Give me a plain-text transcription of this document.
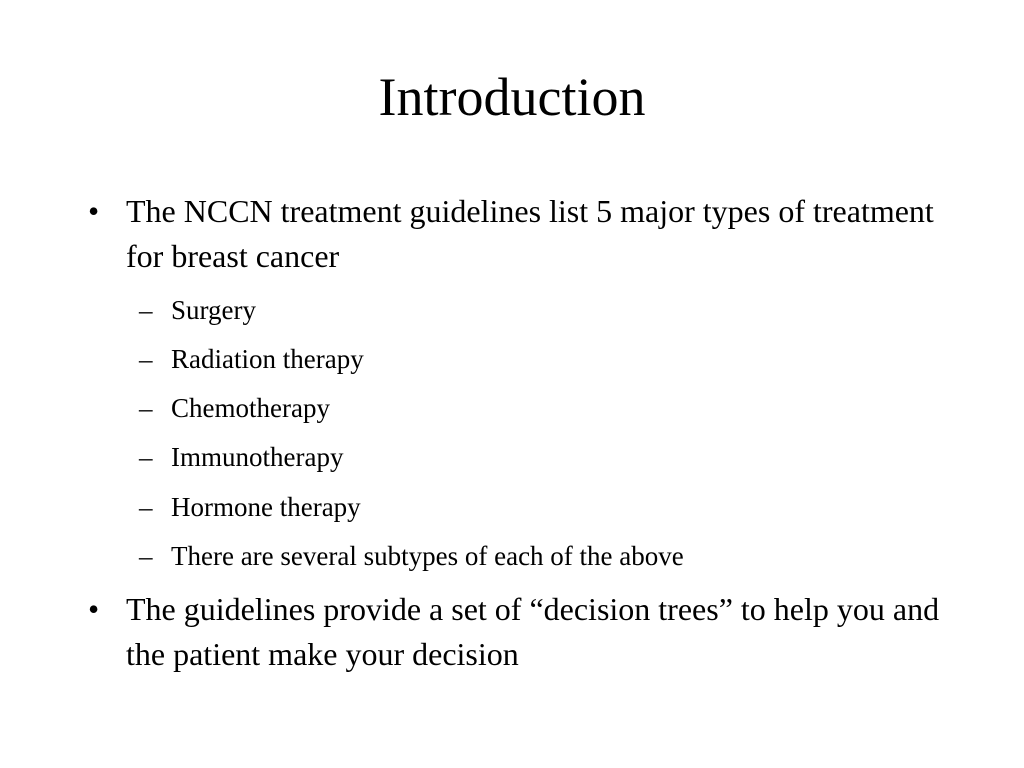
Introduction
• The NCCN treatment guidelines list 5 major types of treatment for breast cancer
– Surgery
– Radiation therapy
– Chemotherapy
– Immunotherapy
– Hormone therapy
– There are several subtypes of each of the above
• The guidelines provide a set of “decision trees” to help you and the patient make your decision
